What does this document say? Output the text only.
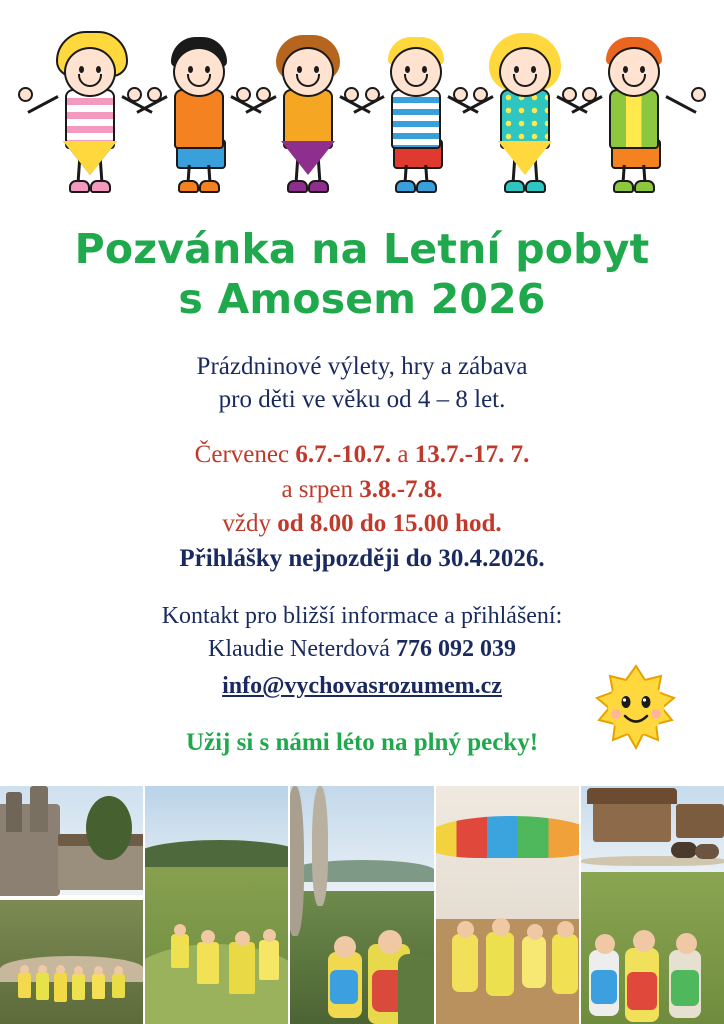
Pozvánka na Letní pobyt
s Amosem 2026
Prázdninové výlety, hry a zábava
pro děti ve věku od 4 – 8 let.
Červenec 6.7.-10.7. a 13.7.-17. 7.
a srpen 3.8.-7.8.
vždy od 8.00 do 15.00 hod.
Přihlášky nejpozději do 30.4.2026.
Kontakt pro bližší informace a přihlášení:
Klaudie Neterdová 776 092 039
info@vychovasrozumem.cz
Užij si s námi léto na plný pecky!
